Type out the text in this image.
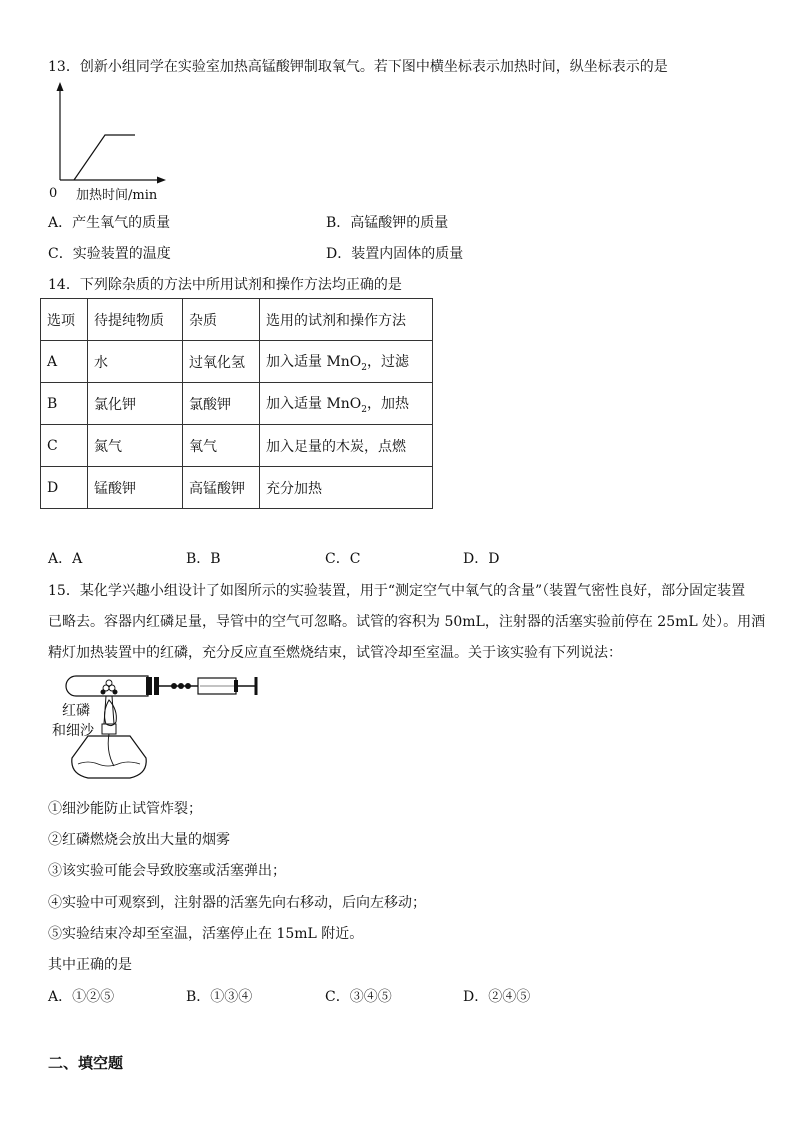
13．创新小组同学在实验室加热高锰酸钾制取氧气。若下图中横坐标表示加热时间，纵坐标表示的是
0 加热时间/min
A．产生氧气的质量	B．高锰酸钾的质量
C．实验装置的温度	D．装置内固体的质量
14．下列除杂质的方法中所用试剂和操作方法均正确的是
选项	待提纯物质	杂质	选用的试剂和操作方法
A	水	过氧化氢	加入适量 MnO$_2$，过滤
B	氯化钾	氯酸钾	加入适量 MnO$_2$，加热
C	氮气	氧气	加入足量的木炭，点燃
D	锰酸钾	高锰酸钾	充分加热
A．A	B．B	C．C	D．D
15．某化学兴趣小组设计了如图所示的实验装置，用于“测定空气中氧气的含量”（装置气密性良好，部分固定装置
已略去。容器内红磷足量，导管中的空气可忽略。试管的容积为 50mL，注射器的活塞实验前停在 25mL 处）。用酒
精灯加热装置中的红磷，充分反应直至燃烧结束，试管冷却至室温。关于该实验有下列说法：
红磷
和细沙
①细沙能防止试管炸裂；
②红磷燃烧会放出大量的烟雾
③该实验可能会导致胶塞或活塞弹出；
④实验中可观察到，注射器的活塞先向右移动，后向左移动；
⑤实验结束冷却至室温，活塞停止在 15mL 附近。
其中正确的是
A．①②⑤	B．①③④	C．③④⑤	D．②④⑤
二、填空题
